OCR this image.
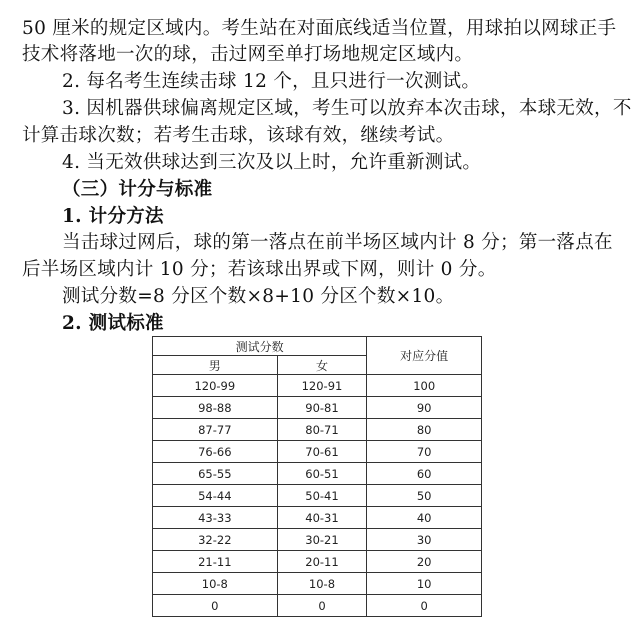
50 厘米的规定区域内。考生站在对面底线适当位置，用球拍以网球正手
技术将落地一次的球，击过网至单打场地规定区域内。
2. 每名考生连续击球 12 个，且只进行一次测试。
3. 因机器供球偏离规定区域，考生可以放弃本次击球，本球无效，不
计算击球次数；若考生击球，该球有效，继续考试。
4. 当无效供球达到三次及以上时，允许重新测试。
（三）计分与标准
1. 计分方法
当击球过网后，球的第一落点在前半场区域内计 8 分；第一落点在
后半场区域内计 10 分；若该球出界或下网，则计 0 分。
测试分数=8 分区个数×8+10 分区个数×10。
2. 测试标准
测试分数		对应分值
男	女	
120-99	120-91	100
98-88	90-81	90
87-77	80-71	80
76-66	70-61	70
65-55	60-51	60
54-44	50-41	50
43-33	40-31	40
32-22	30-21	30
21-11	20-11	20
10-8	10-8	10
0	0	0
